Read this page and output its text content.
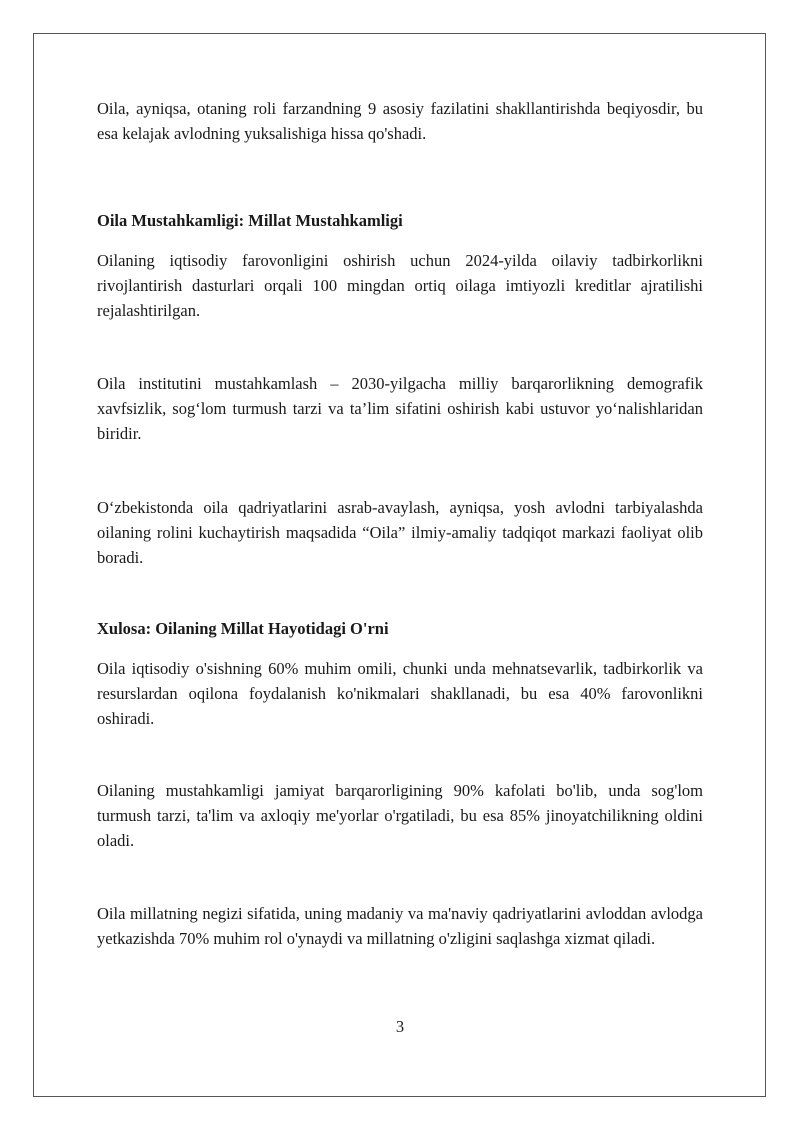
Oila, ayniqsa, otaning roli farzandning 9 asosiy fazilatini shakllantirishda beqiyosdir, bu esa kelajak avlodning yuksalishiga hissa qo'shadi.

Oila Mustahkamligi: Millat Mustahkamligi

Oilaning iqtisodiy farovonligini oshirish uchun 2024-yilda oilaviy tadbirkorlikni rivojlantirish dasturlari orqali 100 mingdan ortiq oilaga imtiyozli kreditlar ajratilishi rejalashtirilgan.

Oila institutini mustahkamlash – 2030-yilgacha milliy barqarorlikning demografik xavfsizlik, sog‘lom turmush tarzi va ta’lim sifatini oshirish kabi ustuvor yo‘nalishlaridan biridir.

O‘zbekistonda oila qadriyatlarini asrab-avaylash, ayniqsa, yosh avlodni tarbiyalashda oilaning rolini kuchaytirish maqsadida “Oila” ilmiy-amaliy tadqiqot markazi faoliyat olib boradi.

Xulosa: Oilaning Millat Hayotidagi O'rni

Oila iqtisodiy o'sishning 60% muhim omili, chunki unda mehnatsevarlik, tadbirkorlik va resurslardan oqilona foydalanish ko'nikmalari shakllanadi, bu esa 40% farovonlikni oshiradi.

Oilaning mustahkamligi jamiyat barqarorligining 90% kafolati bo'lib, unda sog'lom turmush tarzi, ta'lim va axloqiy me'yorlar o'rgatiladi, bu esa 85% jinoyatchilikning oldini oladi.

Oila millatning negizi sifatida, uning madaniy va ma'naviy qadriyatlarini avloddan avlodga yetkazishda 70% muhim rol o'ynaydi va millatning o'zligini saqlashga xizmat qiladi.

3
